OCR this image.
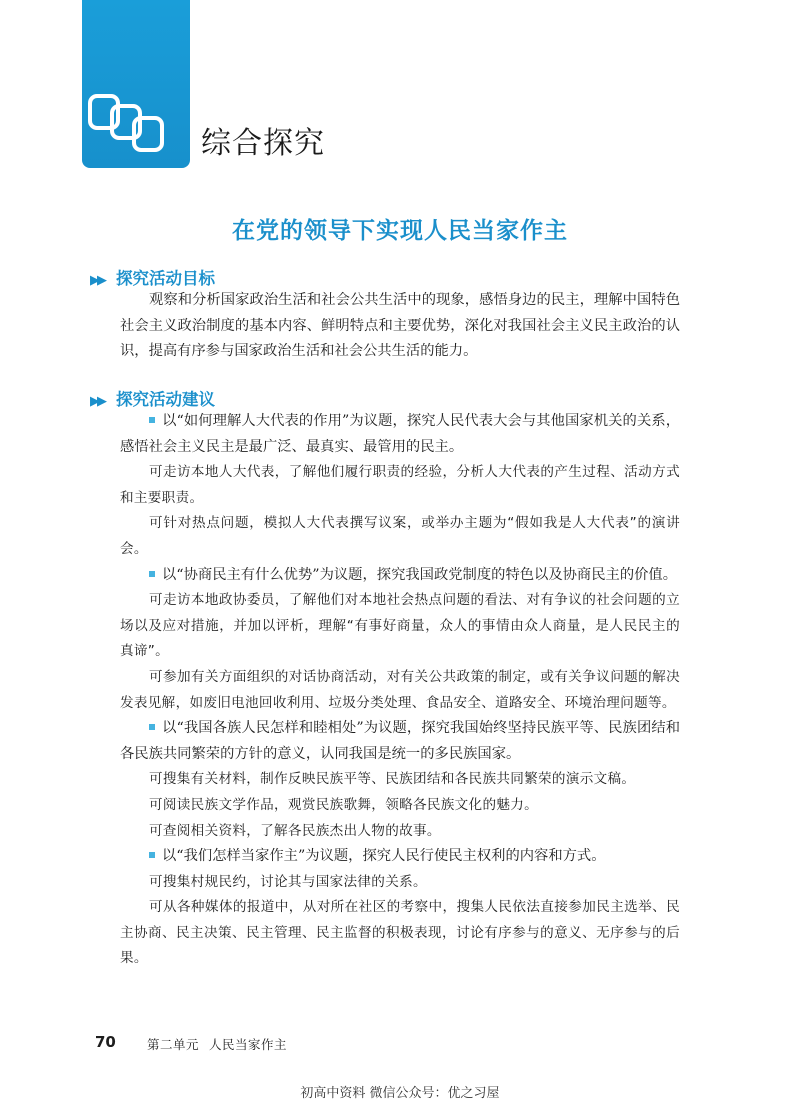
综合探究
在党的领导下实现人民当家作主
▶▶ 探究活动目标

观察和分析国家政治生活和社会公共生活中的现象，感悟身边的民主，理解中国特色社会主义政治制度的基本内容、鲜明特点和主要优势，深化对我国社会主义民主政治的认识，提高有序参与国家政治生活和社会公共生活的能力。

▶▶ 探究活动建议

以“如何理解人大代表的作用”为议题，探究人民代表大会与其他国家机关的关系，感悟社会主义民主是最广泛、最真实、最管用的民主。

可走访本地人大代表，了解他们履行职责的经验，分析人大代表的产生过程、活动方式和主要职责。

可针对热点问题，模拟人大代表撰写议案，或举办主题为“假如我是人大代表”的演讲会。

以“协商民主有什么优势”为议题，探究我国政党制度的特色以及协商民主的价值。

可走访本地政协委员，了解他们对本地社会热点问题的看法、对有争议的社会问题的立场以及应对措施，并加以评析，理解“有事好商量，众人的事情由众人商量，是人民民主的真谛”。

可参加有关方面组织的对话协商活动，对有关公共政策的制定，或有关争议问题的解决发表见解，如废旧电池回收利用、垃圾分类处理、食品安全、道路安全、环境治理问题等。

以“我国各族人民怎样和睦相处”为议题，探究我国始终坚持民族平等、民族团结和各民族共同繁荣的方针的意义，认同我国是统一的多民族国家。

可搜集有关材料，制作反映民族平等、民族团结和各民族共同繁荣的演示文稿。

可阅读民族文学作品，观赏民族歌舞，领略各民族文化的魅力。

可查阅相关资料，了解各民族杰出人物的故事。

以“我们怎样当家作主”为议题，探究人民行使民主权利的内容和方式。

可搜集村规民约，讨论其与国家法律的关系。

可从各种媒体的报道中，从对所在社区的考察中，搜集人民依法直接参加民主选举、民主协商、民主决策、民主管理、民主监督的积极表现，讨论有序参与的意义、无序参与的后果。

70 第二单元 人民当家作主
初高中资料 微信公众号：优之习屋
